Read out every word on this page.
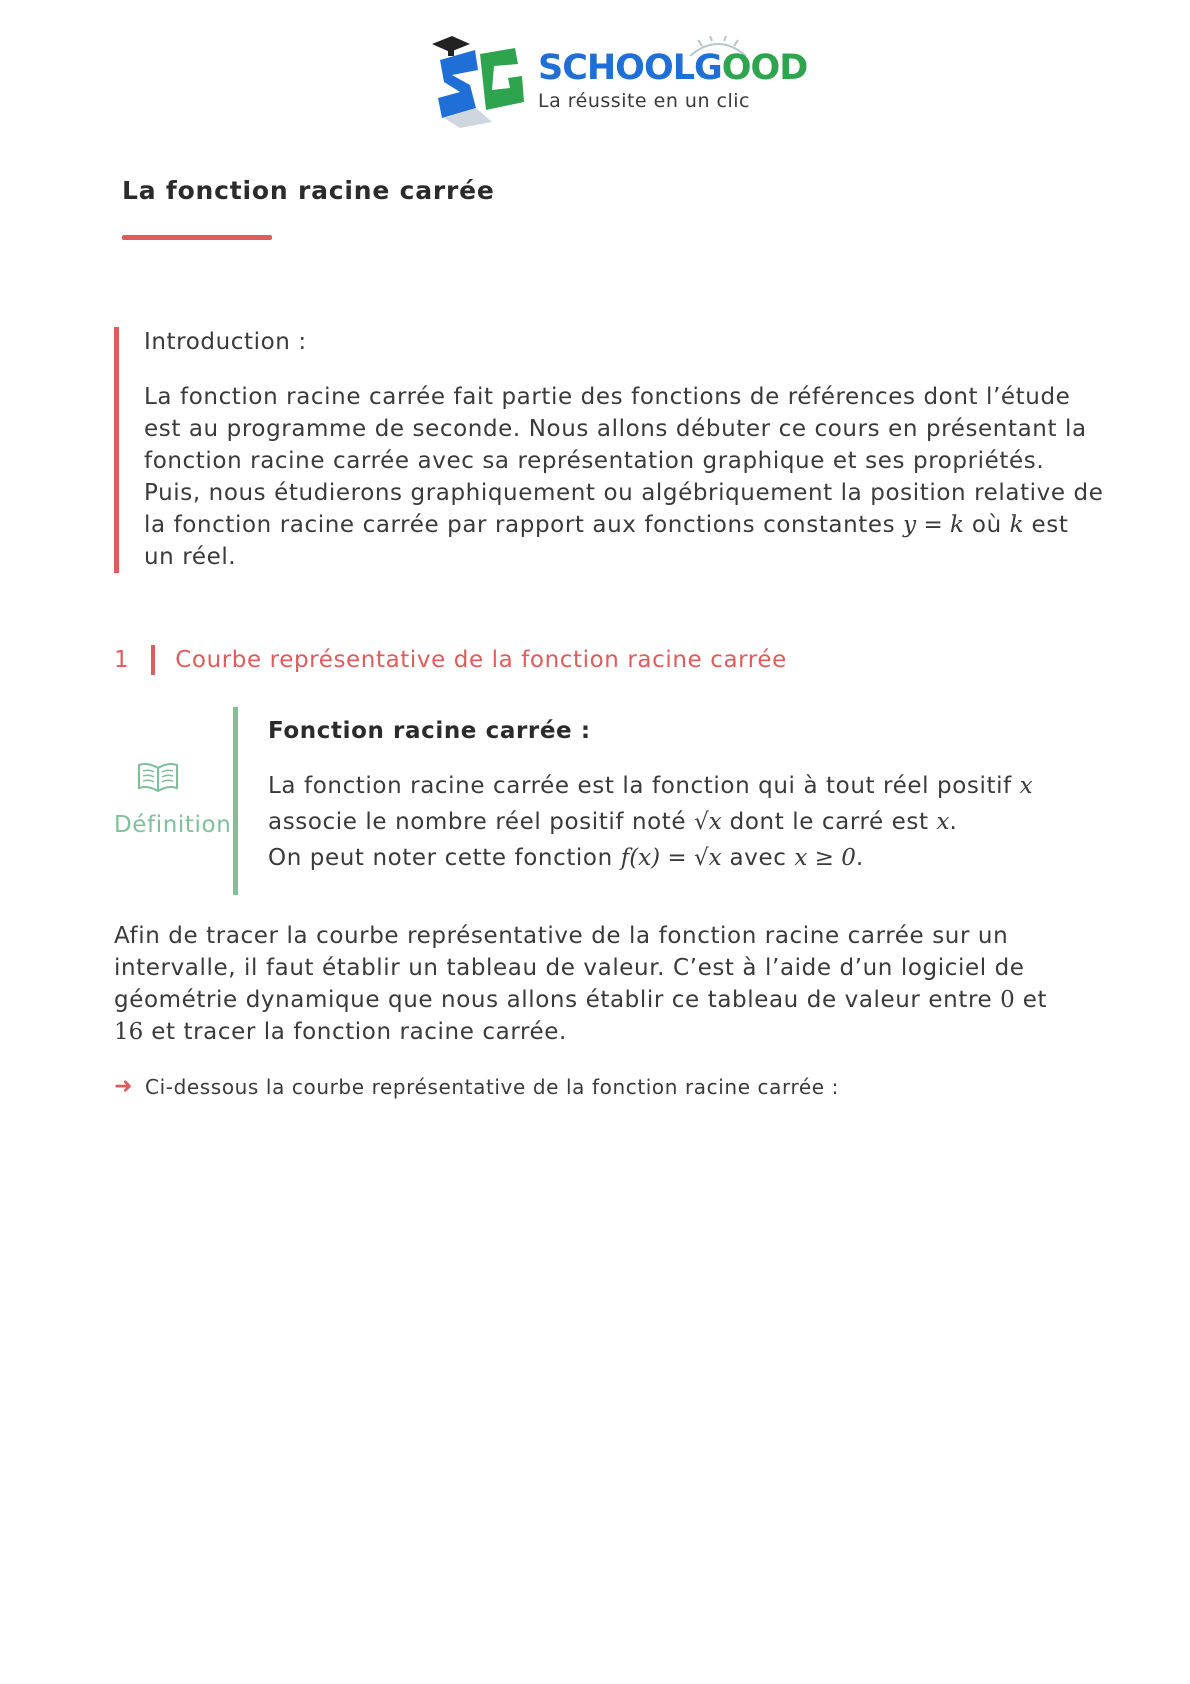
SCHOOLGOOD
La réussite en un clic
La fonction racine carrée

Introduction :

La fonction racine carrée fait partie des fonctions de références dont l’étude est au programme de seconde. Nous allons débuter ce cours en présentant la fonction racine carrée avec sa représentation graphique et ses propriétés. Puis, nous étudierons graphiquement ou algébriquement la position relative de la fonction racine carrée par rapport aux fonctions constantes y = k où k est un réel.

1 Courbe représentative de la fonction racine carrée
Définition

Fonction racine carrée :

La fonction racine carrée est la fonction qui à tout réel positif x associe le nombre réel positif noté √x dont le carré est x.
On peut noter cette fonction f(x) = √x avec x ≥ 0.

Afin de tracer la courbe représentative de la fonction racine carrée sur un intervalle, il faut établir un tableau de valeur. C’est à l’aide d’un logiciel de géométrie dynamique que nous allons établir ce tableau de valeur entre 0 et 16 et tracer la fonction racine carrée.

➜ Ci-dessous la courbe représentative de la fonction racine carrée :
